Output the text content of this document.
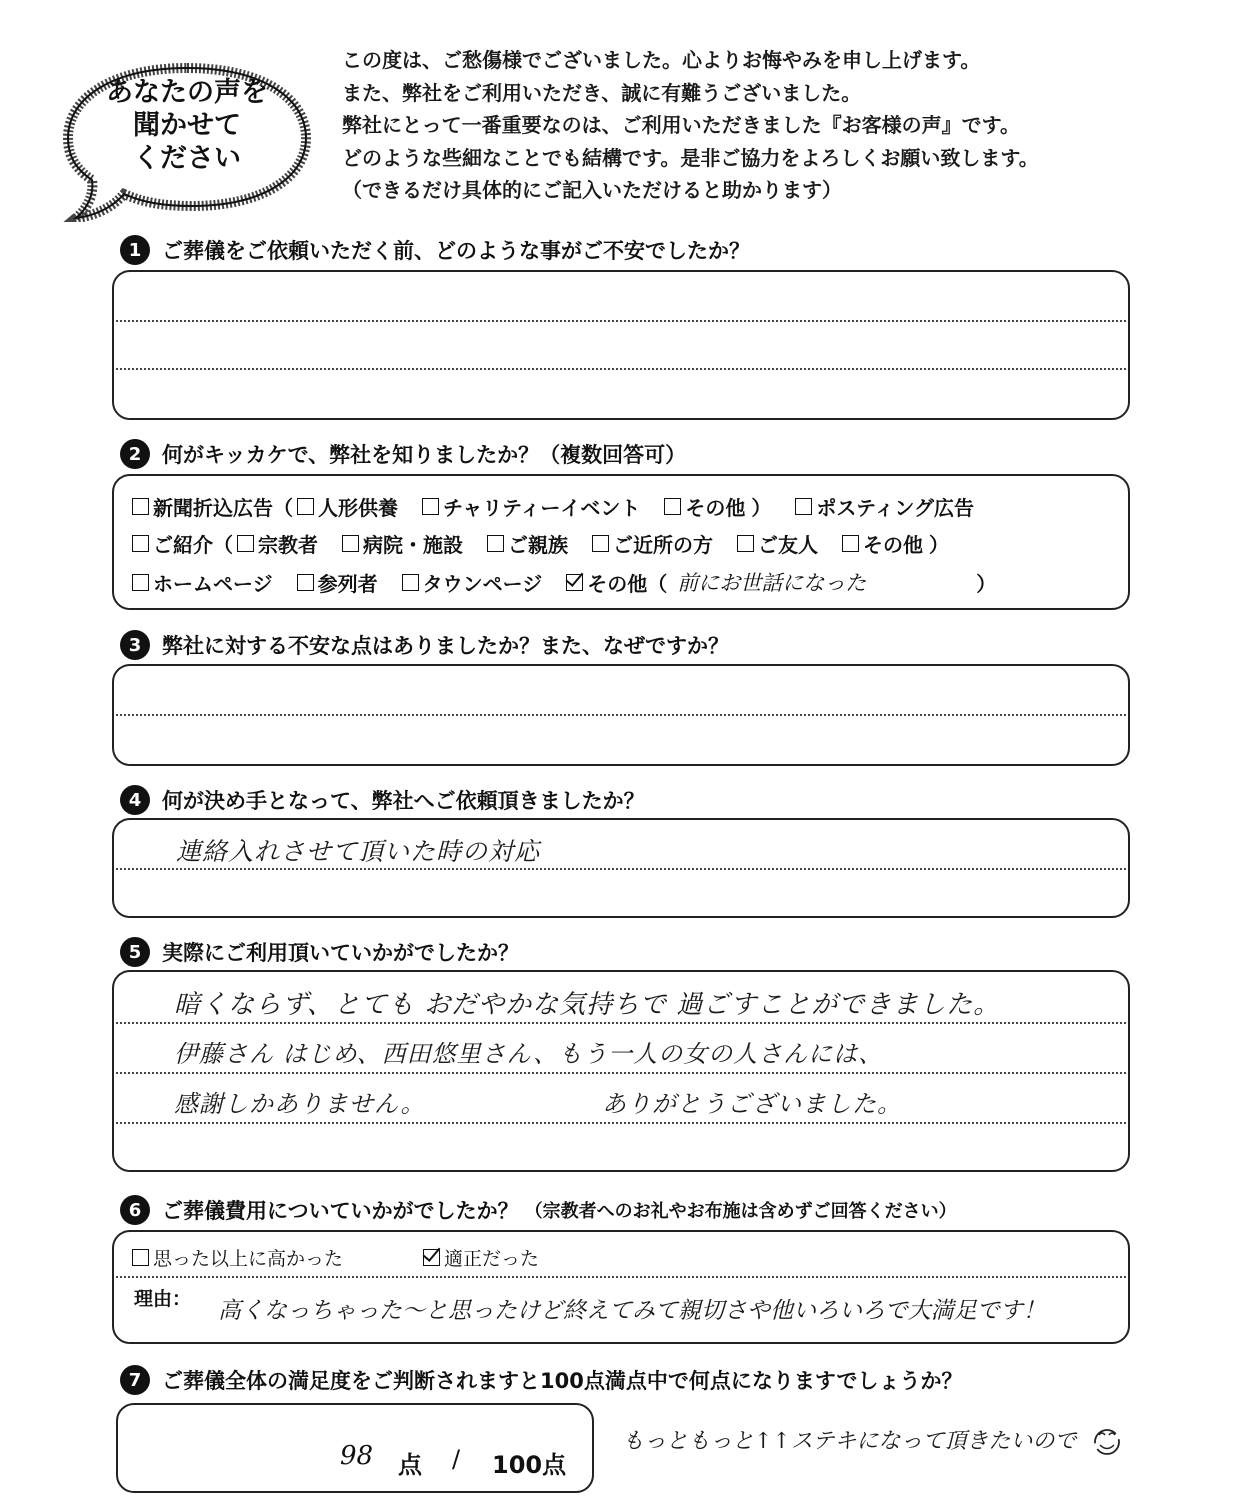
あなたの声を
聞かせて
ください
この度は、ご愁傷様でございました。心よりお悔やみを申し上げます。
また、弊社をご利用いただき、誠に有難うございました。
弊社にとって一番重要なのは、ご利用いただきました『お客様の声』です。
どのような些細なことでも結構です。是非ご協力をよろしくお願い致します。
（できるだけ具体的にご記入いただけると助かります）
1 ご葬儀をご依頼いただく前、どのような事がご不安でしたか？
2 何がキッカケで、弊社を知りましたか？（複数回答可）
新聞折込広告（ 人形供養 チャリティーイベント その他 ） ポスティング広告
ご紹介（ 宗教者 病院・施設 ご親族 ご近所の方 ご友人 その他 ）
ホームページ 参列者 タウンページ その他（ 前にお世話になった	）
3 弊社に対する不安な点はありましたか？また、なぜですか？
4 何が決め手となって、弊社へご依頼頂きましたか？
連絡入れさせて頂いた時の対応
5 実際にご利用頂いていかがでしたか？
暗くならず、とても おだやかな気持ちで 過ごすことができました。
伊藤さん はじめ、西田悠里さん、もう一人の女の人さんには、
感謝しかありません。	ありがとうございました。
6 ご葬儀費用についていかがでしたか？ （宗教者へのお礼やお布施は含めずご回答ください）
思った以上に高かった	適正だった
理由： 高くなっちゃった〜と思ったけど終えてみて親切さや他いろいろで大満足です！
7 ご葬儀全体の満足度をご判断されますと100点満点中で何点になりますでしょうか？
98 点 / 100点
もっともっと↑↑ステキになって頂きたいので
